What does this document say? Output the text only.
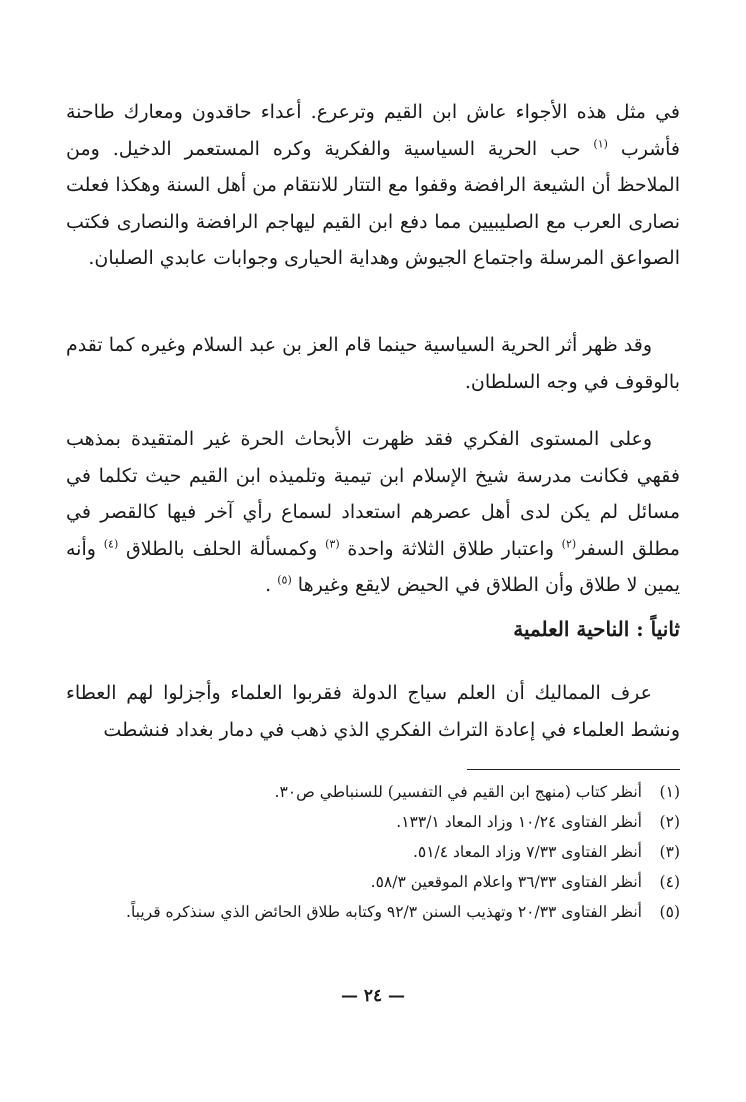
في مثل هذه الأجواء عاش ابن القيم وترعرع. أعداء حاقدون ومعارك طاحنة فأشرب $^{(١)}$ حب الحرية السياسية والفكرية وكره المستعمر الدخيل. ومن الملاحظ أن الشيعة الرافضة وقفوا مع التتار للانتقام من أهل السنة وهكذا فعلت نصارى العرب مع الصليبيين مما دفع ابن القيم ليهاجم الرافضة والنصارى فكتب الصواعق المرسلة واجتماع الجيوش وهداية الحيارى وجوابات عابدي الصلبان.

وقد ظهر أثر الحرية السياسية حينما قام العز بن عبد السلام وغيره كما تقدم بالوقوف في وجه السلطان.

وعلى المستوى الفكري فقد ظهرت الأبحاث الحرة غير المتقيدة بمذهب فقهي فكانت مدرسة شيخ الإسلام ابن تيمية وتلميذه ابن القيم حيث تكلما في مسائل لم يكن لدى أهل عصرهم استعداد لسماع رأي آخر فيها كالقصر في مطلق السفر$^{(٢)}$ واعتبار طلاق الثلاثة واحدة $^{(٣)}$ وكمسألة الحلف بالطلاق $^{(٤)}$ وأنه يمين لا طلاق وأن الطلاق في الحيض لايقع وغيرها $^{(٥)}$ .

ثانياً : الناحية العلمية

عرف المماليك أن العلم سياج الدولة فقربوا العلماء وأجزلوا لهم العطاء ونشط العلماء في إعادة التراث الفكري الذي ذهب في دمار بغداد فنشطت

(١)
أنظر كتاب (منهج ابن القيم في التفسير) للسنباطي ص٣٠.
(٢)
أنظر الفتاوى ١٠/٢٤ وزاد المعاد ١٣٣/١.
(٣)
أنظر الفتاوى ٧/٣٣ وزاد المعاد ٥١/٤.
(٤)
أنظر الفتاوى ٣٦/٣٣ واعلام الموقعين ٥٨/٣.
(٥)
أنظر الفتاوى ٢٠/٣٣ وتهذيب السنن ٩٢/٣ وكتابه طلاق الحائض الذي سنذكره قريباً.
— ٢٤ —
